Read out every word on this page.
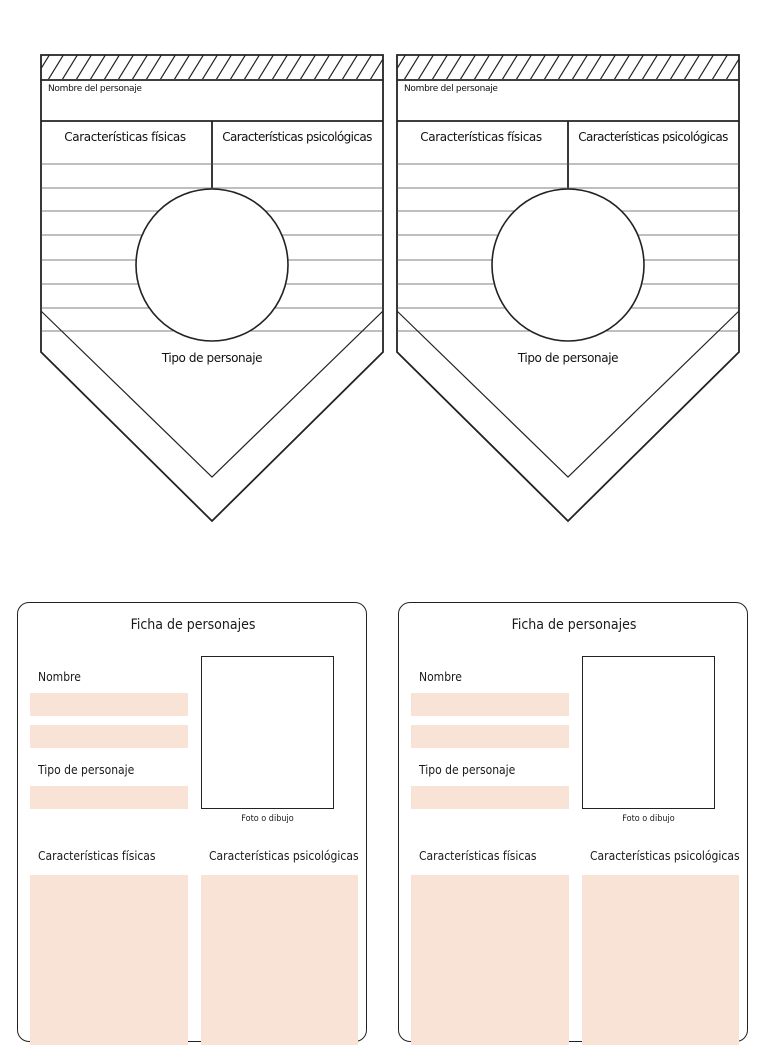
Nombre del personaje
Características físicas	Características psicológicas
Tipo de personaje
Nombre del personaje
Características físicas	Características psicológicas
Tipo de personaje
Ficha de personajes
Nombre
Tipo de personaje
Foto o dibujo
Características físicas	Características psicológicas
Ficha de personajes
Nombre
Tipo de personaje
Foto o dibujo
Características físicas	Características psicológicas
